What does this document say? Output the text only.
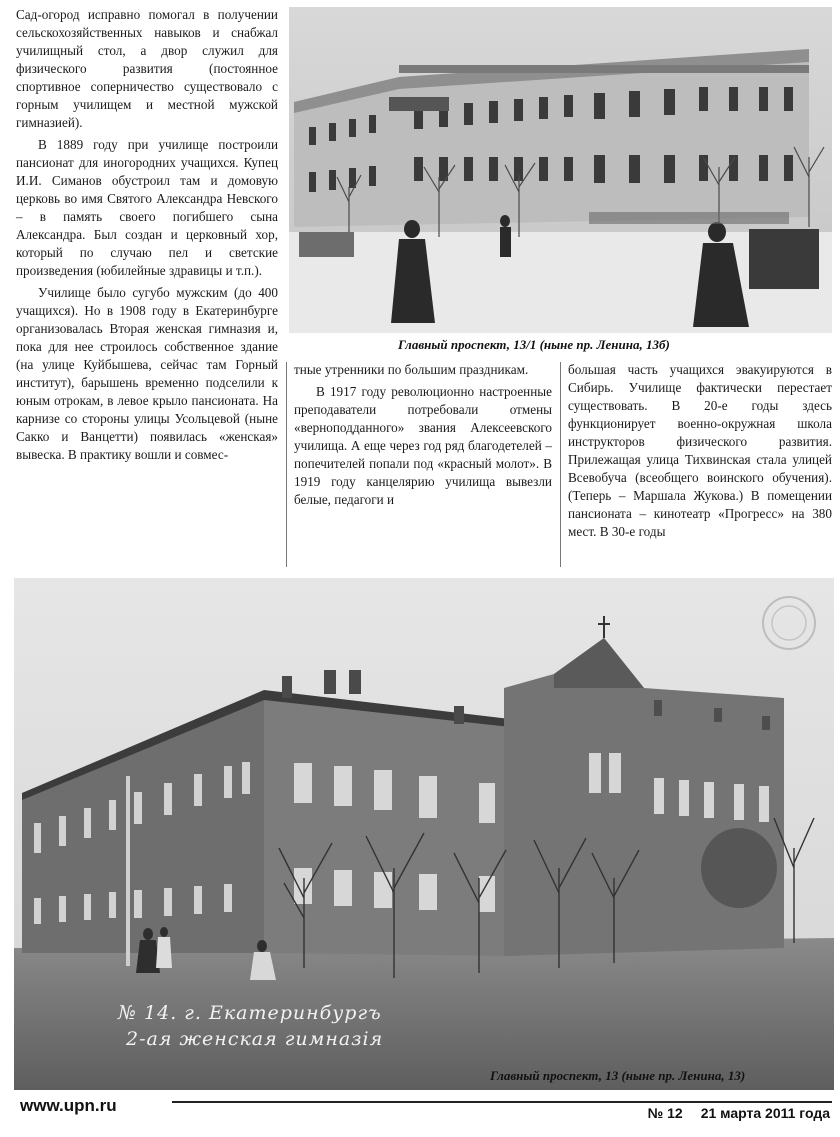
Сад-огород исправно помогал в получении сельскохозяйственных навыков и снабжал училищный стол, а двор служил для физического развития (постоянное спортивное соперничество существовало с горным училищем и местной мужской гимназией).

В 1889 году при училище построили пансионат для иногородних учащихся. Купец И.И. Симанов обустроил там и домовую церковь во имя Святого Александра Невского – в память своего погибшего сына Александра. Был создан и церковный хор, который по случаю пел и светские произведения (юбилейные здравицы и т.п.).

Училище было сугубо мужским (до 400 учащихся). Но в 1908 году в Екатеринбурге организовалась Вторая женская гимназия и, пока для нее строилось собственное здание (на улице Куйбышева, сейчас там Горный институт), барышень временно подселили к юным отрокам, в левое крыло пансионата. На карнизе со стороны улицы Усольцевой (ныне Сакко и Ванцетти) появилась «женская» вывеска. В практику вошли и совмес-

Главный проспект, 13/1 (ныне пр. Ленина, 13б)

тные утренники по большим праздникам.

В 1917 году революционно настроенные преподаватели потребовали отмены «верноподданного» звания Алексеевского училища. А еще через год ряд благодетелей – попечителей попали под «красный молот». В 1919 году канцелярию училища вывезли белые, педагоги и

большая часть учащихся эвакуируются в Сибирь. Училище фактически перестает существовать. В 20-е годы здесь функционирует военно-окружная школа инструкторов физического развития. Прилежащая улица Тихвинская стала улицей Всевобуча (всеобщего воинского обучения). (Теперь – Маршала Жукова.) В помещении пансионата – кинотеатр «Прогресс» на 380 мест. В 30-е годы

№ 14. г. Екатеринбургъ
2-ая женская гимназія
Главный проспект, 13 (ныне пр. Ленина, 13)
www.upn.ru	№ 12 21 марта 2011 года
